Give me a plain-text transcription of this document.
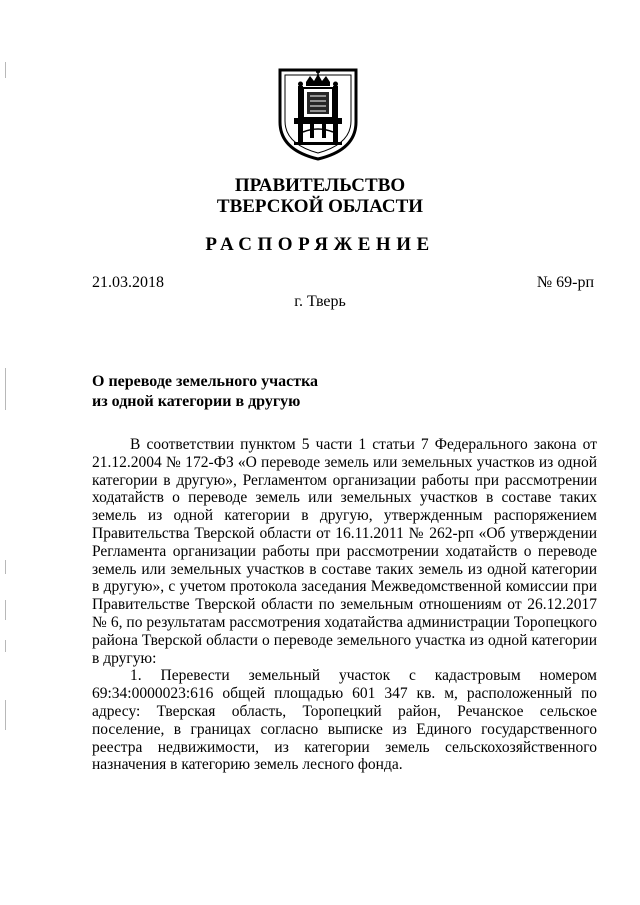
ПРАВИТЕЛЬСТВО
ТВЕРСКОЙ ОБЛАСТИ
РАСПОРЯЖЕНИЕ
21.03.2018	№ 69-рп
г. Тверь
О переводе земельного участка
из одной категории в другую

В соответствии пунктом 5 части 1 статьи 7 Федерального закона от 21.12.2004 № 172-ФЗ «О переводе земель или земельных участков из одной категории в другую», Регламентом организации работы при рассмотрении ходатайств о переводе земель или земельных участков в составе таких земель из одной категории в другую, утвержденным распоряжением Правительства Тверской области от 16.11.2011 № 262-рп «Об утверждении Регламента организации работы при рассмотрении ходатайств о переводе земель или земельных участков в составе таких земель из одной категории в другую», с учетом протокола заседания Межведомственной комиссии при Правительстве Тверской области по земельным отношениям от 26.12.2017 № 6, по результатам рассмотрения ходатайства администрации Торопецкого района Тверской области о переводе земельного участка из одной категории в другую:

1. Перевести земельный участок с кадастровым номером 69:34:0000023:616 общей площадью 601 347 кв. м, расположенный по адресу: Тверская область, Торопецкий район, Речанское сельское поселение, в границах согласно выписке из Единого государственного реестра недвижимости, из категории земель сельскохозяйственного назначения в категорию земель лесного фонда.
